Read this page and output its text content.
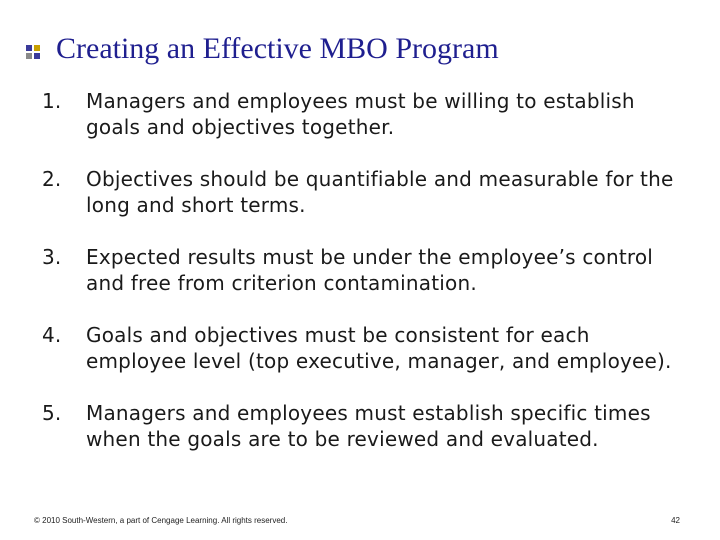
Creating an Effective MBO Program
1.	Managers and employees must be willing to establish goals and objectives together.
2.	Objectives should be quantifiable and measurable for the long and short terms.
3.	Expected results must be under the employee’s control and free from criterion contamination.
4.	Goals and objectives must be consistent for each employee level (top executive, manager, and employee).
5.	Managers and employees must establish specific times when the goals are to be reviewed and evaluated.
© 2010 South-Western, a part of Cengage Learning. All rights reserved.	42
